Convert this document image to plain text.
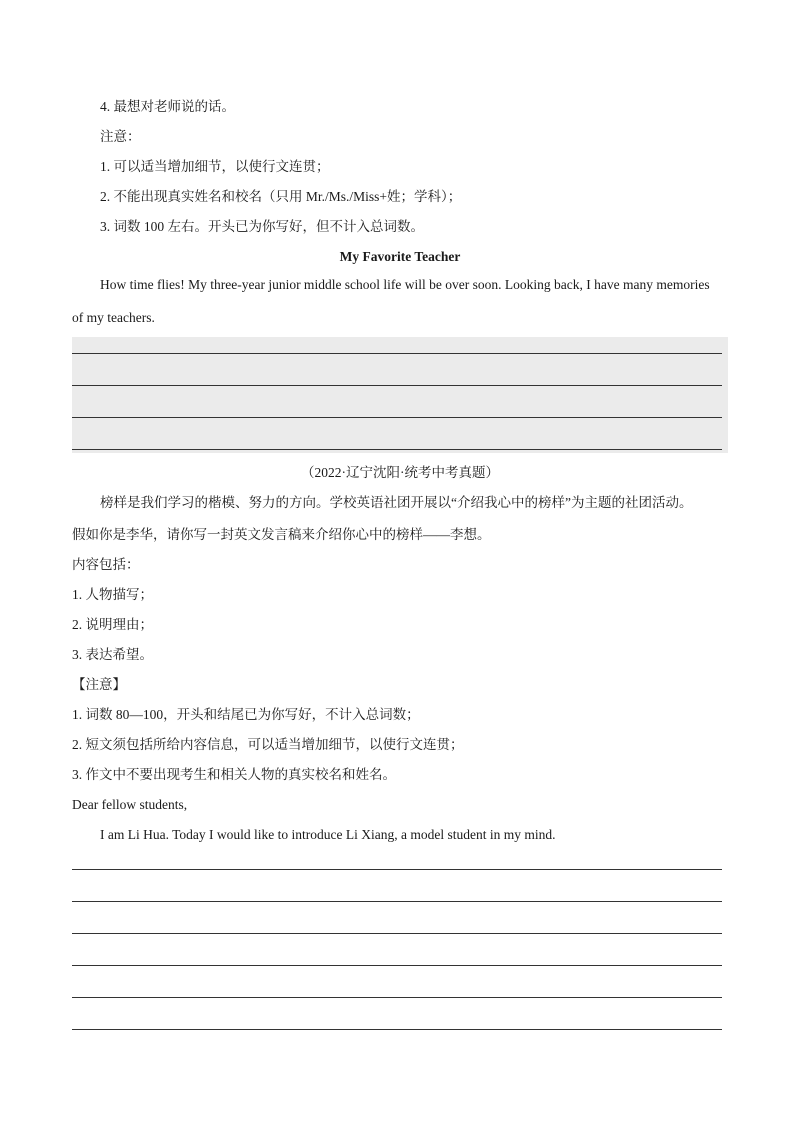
4. 最想对老师说的话。
注意：
1. 可以适当增加细节，以使行文连贯；
2. 不能出现真实姓名和校名（只用 Mr./Ms./Miss+姓；学科）；
3. 词数 100 左右。开头已为你写好，但不计入总词数。
My Favorite Teacher
How time flies! My three-year junior middle school life will be over soon. Looking back, I have many memories
of my teachers.
（2022·辽宁沈阳·统考中考真题）
榜样是我们学习的楷模、努力的方向。学校英语社团开展以“介绍我心中的榜样”为主题的社团活动。
假如你是李华，请你写一封英文发言稿来介绍你心中的榜样——李想。
内容包括：
1. 人物描写；
2. 说明理由；
3. 表达希望。
【注意】
1. 词数 80—100，开头和结尾已为你写好，不计入总词数；
2. 短文须包括所给内容信息，可以适当增加细节，以使行文连贯；
3. 作文中不要出现考生和相关人物的真实校名和姓名。
Dear fellow students,
I am Li Hua. Today I would like to introduce Li Xiang, a model student in my mind.
